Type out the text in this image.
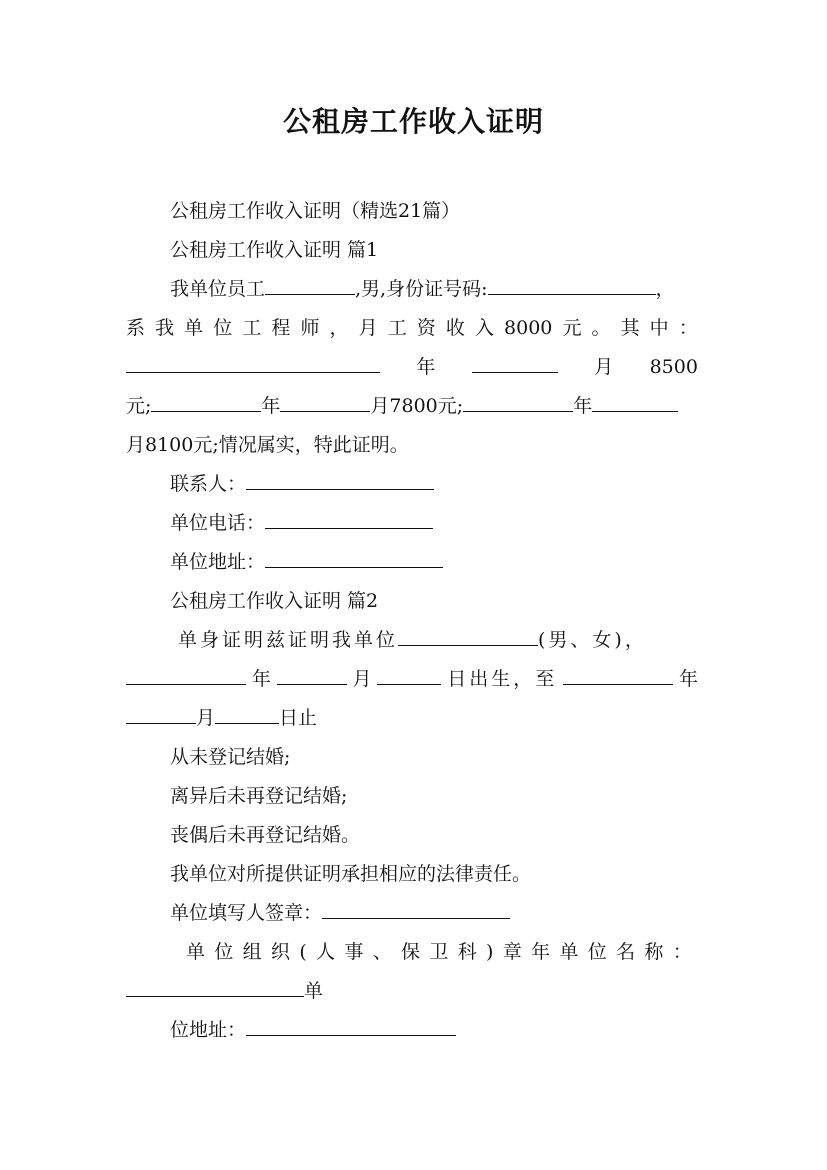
公租房工作收入证明
公租房工作收入证明（精选21篇）
公租房工作收入证明 篇1
我单位员工	,男,身份证号码:	，
系 我 单 位 工 程 师 ， 月 工 资 收 入 8000 元 。 其 中 ：
年	月 8500
元;	年	月7800元;	年
月8100元;情况属实，特此证明。
联系人：
单位电话：
单位地址：
公租房工作收入证明 篇2
单身证明兹证明我单位	(男、女)，
年	月	日出生，至	年
月	日止
从未登记结婚;
离异后未再登记结婚;
丧偶后未再登记结婚。
我单位对所提供证明承担相应的法律责任。
单位填写人签章：
单 位 组 织 ( 人 事 、 保 卫 科 ) 章 年 单 位 名 称 ：
单
位地址：
